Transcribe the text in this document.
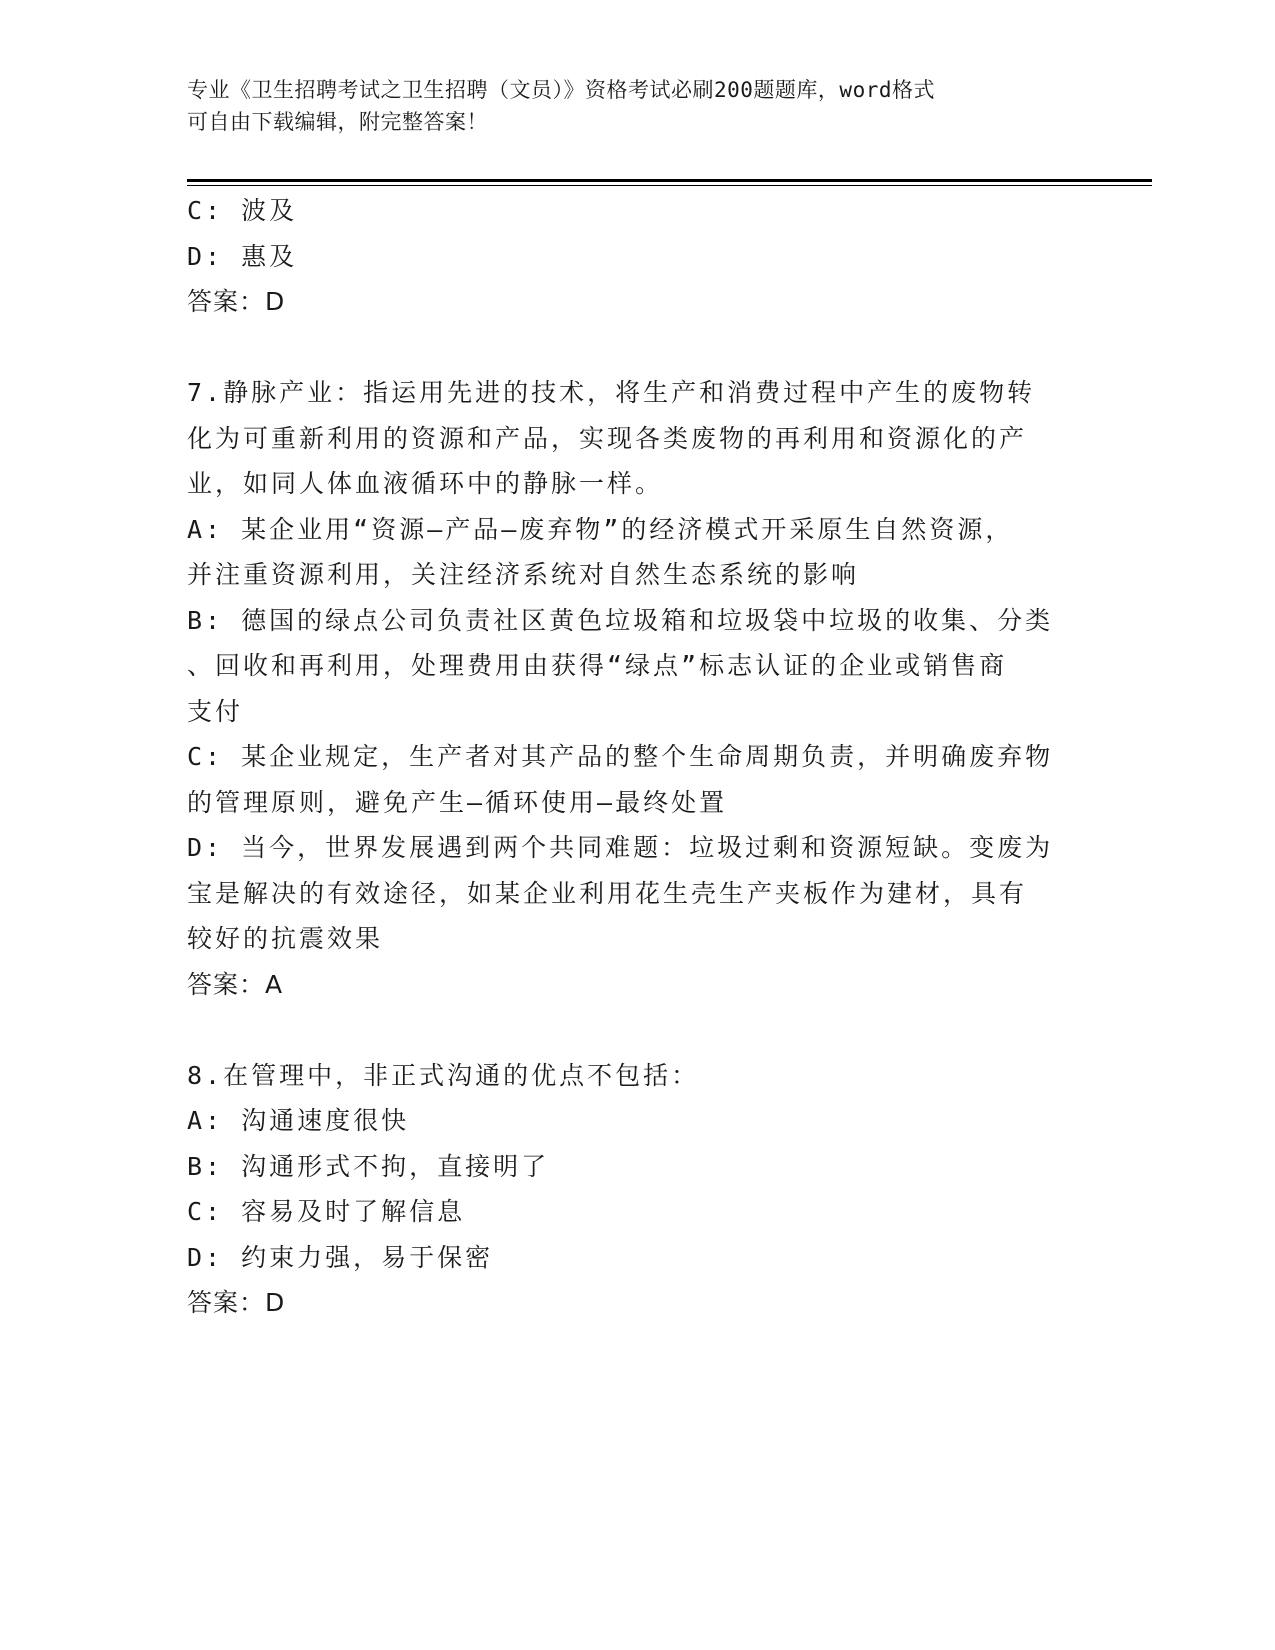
专业《卫生招聘考试之卫生招聘（文员）》资格考试必刷200题题库，word格式
可自由下载编辑，附完整答案！
C: 波及
D: 惠及
答案：D
7.静脉产业：指运用先进的技术，将生产和消费过程中产生的废物转
化为可重新利用的资源和产品，实现各类废物的再利用和资源化的产
业，如同人体血液循环中的静脉一样。
A: 某企业用“资源—产品—废弃物”的经济模式开采原生自然资源，
并注重资源利用，关注经济系统对自然生态系统的影响
B: 德国的绿点公司负责社区黄色垃圾箱和垃圾袋中垃圾的收集、分类
、回收和再利用，处理费用由获得“绿点”标志认证的企业或销售商
支付
C: 某企业规定，生产者对其产品的整个生命周期负责，并明确废弃物
的管理原则，避免产生—循环使用—最终处置
D: 当今，世界发展遇到两个共同难题：垃圾过剩和资源短缺。变废为
宝是解决的有效途径，如某企业利用花生壳生产夹板作为建材，具有
较好的抗震效果
答案：A
8.在管理中，非正式沟通的优点不包括：
A: 沟通速度很快
B: 沟通形式不拘，直接明了
C: 容易及时了解信息
D: 约束力强，易于保密
答案：D
